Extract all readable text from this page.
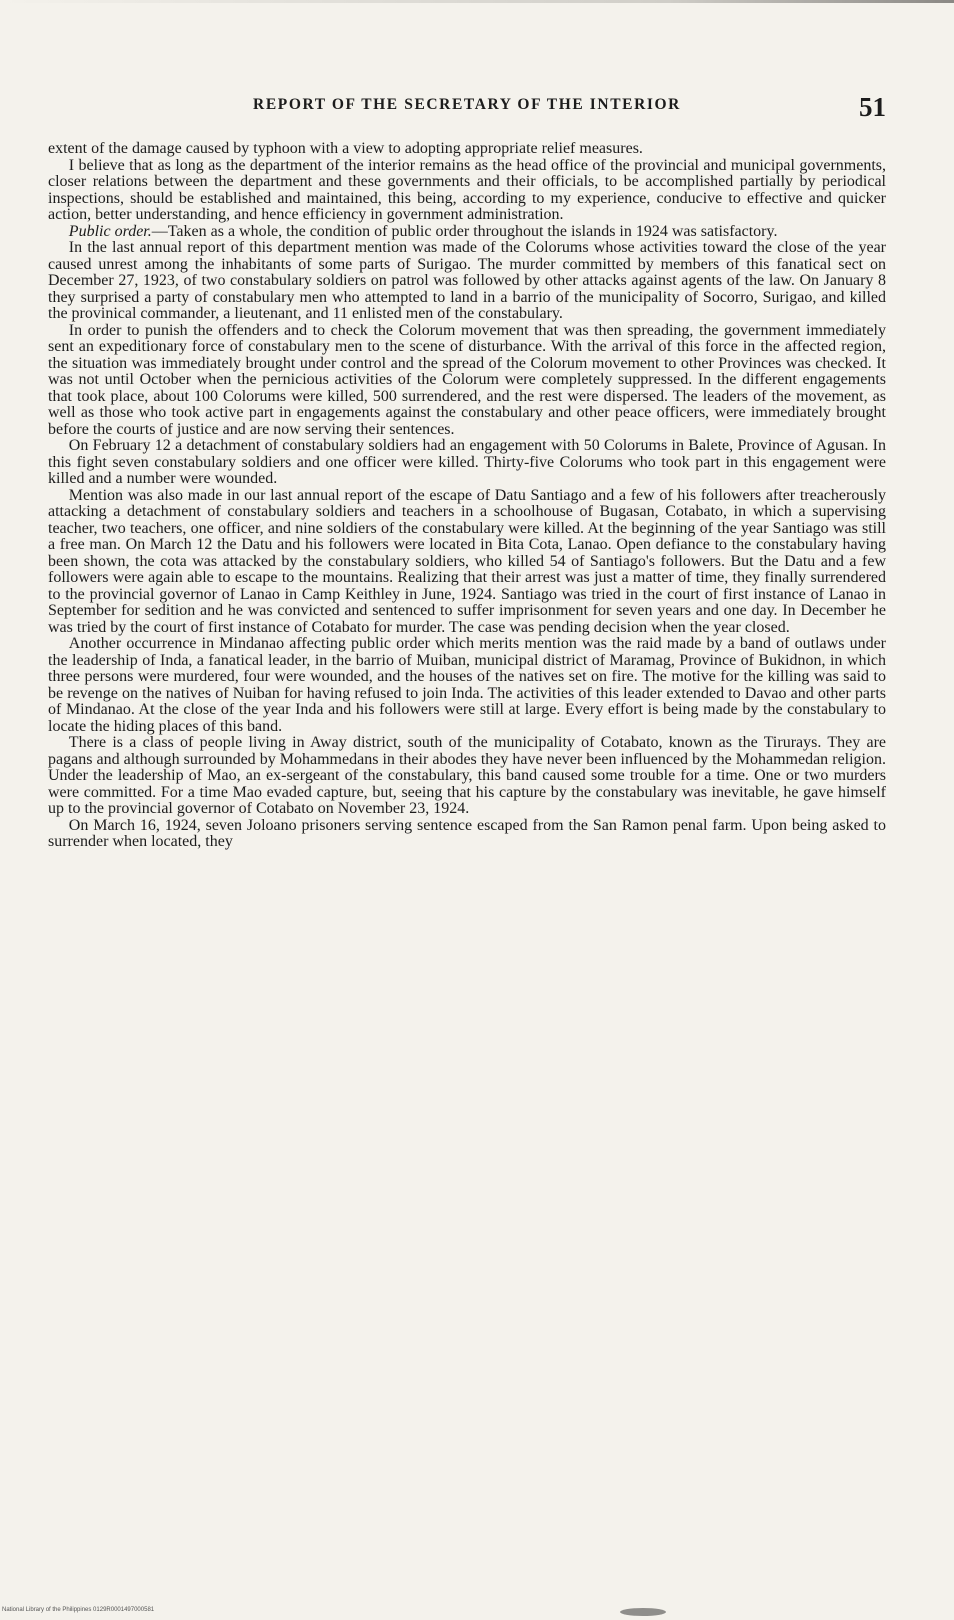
REPORT OF THE SECRETARY OF THE INTERIOR	51

extent of the damage caused by typhoon with a view to adopting appropriate relief measures.

I believe that as long as the department of the interior remains as the head office of the provincial and municipal governments, closer relations between the department and these governments and their officials, to be accomplished partially by periodical inspections, should be established and maintained, this being, according to my experience, conducive to effective and quicker action, better understanding, and hence efficiency in government administration.

Public order.—Taken as a whole, the condition of public order throughout the islands in 1924 was satisfactory.

In the last annual report of this department mention was made of the Colorums whose activities toward the close of the year caused unrest among the inhabitants of some parts of Surigao. The murder committed by members of this fanatical sect on December 27, 1923, of two constabulary soldiers on patrol was followed by other attacks against agents of the law. On January 8 they surprised a party of constabulary men who attempted to land in a barrio of the municipality of Socorro, Surigao, and killed the provinical commander, a lieutenant, and 11 enlisted men of the constabulary.

In order to punish the offenders and to check the Colorum movement that was then spreading, the government immediately sent an expeditionary force of constabulary men to the scene of disturbance. With the arrival of this force in the affected region, the situation was immediately brought under control and the spread of the Colorum movement to other Provinces was checked. It was not until October when the pernicious activities of the Colorum were completely suppressed. In the different engagements that took place, about 100 Colorums were killed, 500 surrendered, and the rest were dispersed. The leaders of the movement, as well as those who took active part in engagements against the constabulary and other peace officers, were immediately brought before the courts of justice and are now serving their sentences.

On February 12 a detachment of constabulary soldiers had an engagement with 50 Colorums in Balete, Province of Agusan. In this fight seven constabulary soldiers and one officer were killed. Thirty-five Colorums who took part in this engagement were killed and a number were wounded.

Mention was also made in our last annual report of the escape of Datu Santiago and a few of his followers after treacherously attacking a detachment of constabulary soldiers and teachers in a schoolhouse of Bugasan, Cotabato, in which a supervising teacher, two teachers, one officer, and nine soldiers of the constabulary were killed. At the beginning of the year Santiago was still a free man. On March 12 the Datu and his followers were located in Bita Cota, Lanao. Open defiance to the constabulary having been shown, the cota was attacked by the constabulary soldiers, who killed 54 of Santiago's followers. But the Datu and a few followers were again able to escape to the mountains. Realizing that their arrest was just a matter of time, they finally surrendered to the provincial governor of Lanao in Camp Keithley in June, 1924. Santiago was tried in the court of first instance of Lanao in September for sedition and he was convicted and sentenced to suffer imprisonment for seven years and one day. In December he was tried by the court of first instance of Cotabato for murder. The case was pending decision when the year closed.

Another occurrence in Mindanao affecting public order which merits mention was the raid made by a band of outlaws under the leadership of Inda, a fanatical leader, in the barrio of Muiban, municipal district of Maramag, Province of Bukidnon, in which three persons were murdered, four were wounded, and the houses of the natives set on fire. The motive for the killing was said to be revenge on the natives of Nuiban for having refused to join Inda. The activities of this leader extended to Davao and other parts of Mindanao. At the close of the year Inda and his followers were still at large. Every effort is being made by the constabulary to locate the hiding places of this band.

There is a class of people living in Away district, south of the municipality of Cotabato, known as the Tirurays. They are pagans and although surrounded by Mohammedans in their abodes they have never been influenced by the Mohammedan religion. Under the leadership of Mao, an ex-sergeant of the constabulary, this band caused some trouble for a time. One or two murders were committed. For a time Mao evaded capture, but, seeing that his capture by the constabulary was inevitable, he gave himself up to the provincial governor of Cotabato on November 23, 1924.

On March 16, 1924, seven Joloano prisoners serving sentence escaped from the San Ramon penal farm. Upon being asked to surrender when located, they

National Library of the Philippines 0129R0001497000581
